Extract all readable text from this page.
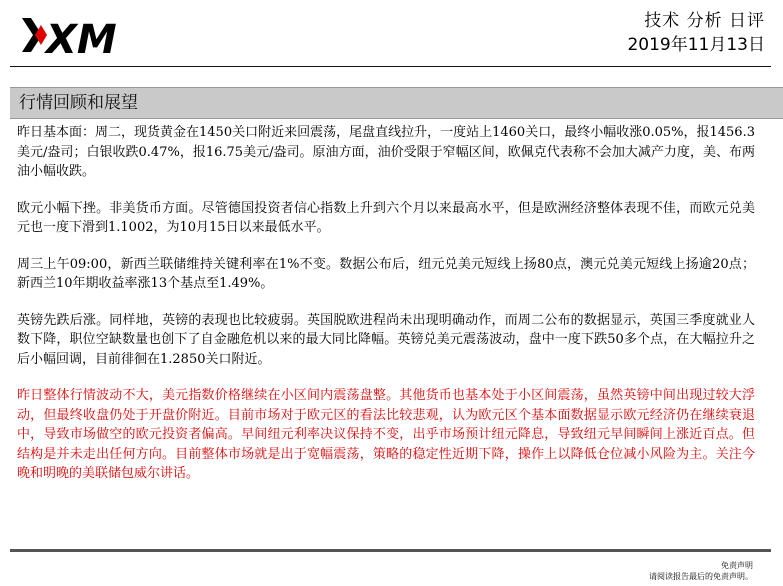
XM	技术 分析 日评
2019年11月13日
行情回顾和展望

昨日基本面：周二，现货黄金在1450关口附近来回震荡，尾盘直线拉升，一度站上1460关口，最终小幅收涨0.05%，报1456.3美元/盎司；白银收跌0.47%，报16.75美元/盎司。原油方面，油价受限于窄幅区间，欧佩克代表称不会加大减产力度，美、布两油小幅收跌。

欧元小幅下挫。非美货币方面。尽管德国投资者信心指数上升到六个月以来最高水平，但是欧洲经济整体表现不佳，而欧元兑美元也一度下滑到1.1002，为10月15日以来最低水平。

周三上午09:00，新西兰联储维持关键利率在1%不变。数据公布后，纽元兑美元短线上扬80点，澳元兑美元短线上扬逾20点；新西兰10年期收益率涨13个基点至1.49%。

英镑先跌后涨。同样地，英镑的表现也比较疲弱。英国脱欧进程尚未出现明确动作，而周二公布的数据显示，英国三季度就业人数下降，职位空缺数量也创下了自金融危机以来的最大同比降幅。英镑兑美元震荡波动，盘中一度下跌50多个点，在大幅拉升之后小幅回调，目前徘徊在1.2850关口附近。

昨日整体行情波动不大，美元指数价格继续在小区间内震荡盘整。其他货币也基本处于小区间震荡，虽然英镑中间出现过较大浮动，但最终收盘仍处于开盘价附近。目前市场对于欧元区的看法比较悲观，认为欧元区个基本面数据显示欧元经济仍在继续衰退中，导致市场做空的欧元投资者偏高。早间纽元利率决议保持不变，出乎市场预计纽元降息，导致纽元早间瞬间上涨近百点。但结构是并未走出任何方向。目前整体市场就是出于宽幅震荡，策略的稳定性近期下降，操作上以降低仓位减小风险为主。关注今晚和明晚的美联储包威尔讲话。

免责声明
请阅读报告最后的免责声明。
